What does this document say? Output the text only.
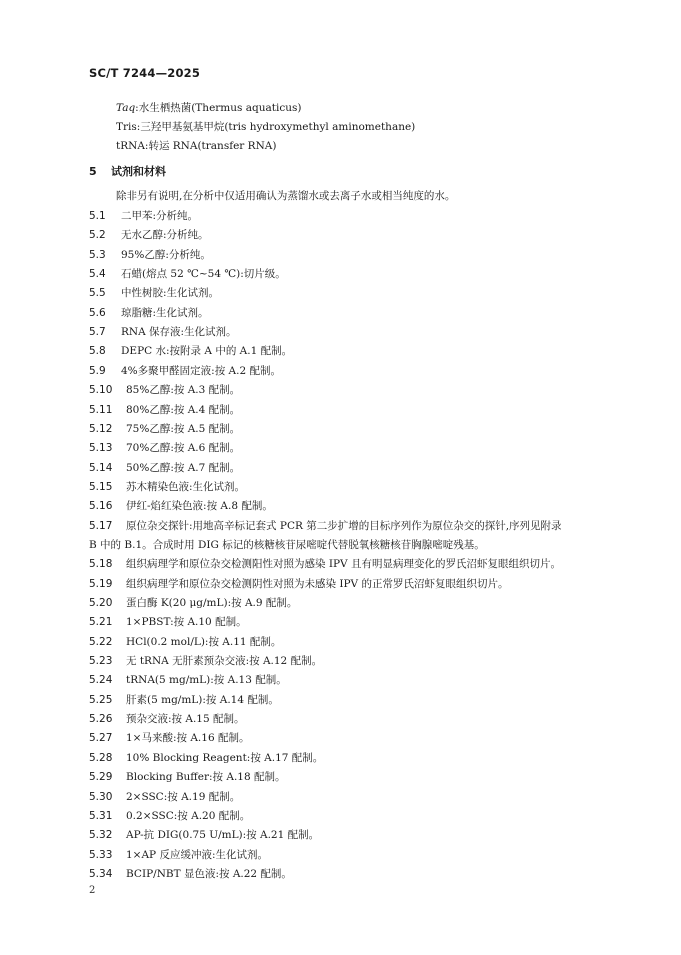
SC/T 7244—2025
Taq:水生栖热菌(Thermus aquaticus)
Tris:三羟甲基氨基甲烷(tris hydroxymethyl aminomethane)
tRNA:转运 RNA(transfer RNA)
5 试剂和材料
除非另有说明,在分析中仅适用确认为蒸馏水或去离子水或相当纯度的水。
5.1 二甲苯:分析纯。
5.2 无水乙醇:分析纯。
5.3 95%乙醇:分析纯。
5.4 石蜡(熔点 52 ℃~54 ℃):切片级。
5.5 中性树胶:生化试剂。
5.6 琼脂糖:生化试剂。
5.7 RNA 保存液:生化试剂。
5.8 DEPC 水:按附录 A 中的 A.1 配制。
5.9 4%多聚甲醛固定液:按 A.2 配制。
5.10 85%乙醇:按 A.3 配制。
5.11 80%乙醇:按 A.4 配制。
5.12 75%乙醇:按 A.5 配制。
5.13 70%乙醇:按 A.6 配制。
5.14 50%乙醇:按 A.7 配制。
5.15 苏木精染色液:生化试剂。
5.16 伊红-焰红染色液:按 A.8 配制。
5.17 原位杂交探针:用地高辛标记套式 PCR 第二步扩增的目标序列作为原位杂交的探针,序列见附录
B 中的 B.1。合成时用 DIG 标记的核糖核苷尿嘧啶代替脱氧核糖核苷胸腺嘧啶残基。
5.18 组织病理学和原位杂交检测阳性对照为感染 IPV 且有明显病理变化的罗氏沼虾复眼组织切片。
5.19 组织病理学和原位杂交检测阴性对照为未感染 IPV 的正常罗氏沼虾复眼组织切片。
5.20 蛋白酶 K(20 μg/mL):按 A.9 配制。
5.21 1×PBST:按 A.10 配制。
5.22 HCl(0.2 mol/L):按 A.11 配制。
5.23 无 tRNA 无肝素预杂交液:按 A.12 配制。
5.24 tRNA(5 mg/mL):按 A.13 配制。
5.25 肝素(5 mg/mL):按 A.14 配制。
5.26 预杂交液:按 A.15 配制。
5.27 1×马来酸:按 A.16 配制。
5.28 10% Blocking Reagent:按 A.17 配制。
5.29 Blocking Buffer:按 A.18 配制。
5.30 2×SSC:按 A.19 配制。
5.31 0.2×SSC:按 A.20 配制。
5.32 AP-抗 DIG(0.75 U/mL):按 A.21 配制。
5.33 1×AP 反应缓冲液:生化试剂。
5.34 BCIP/NBT 显色液:按 A.22 配制。
2
